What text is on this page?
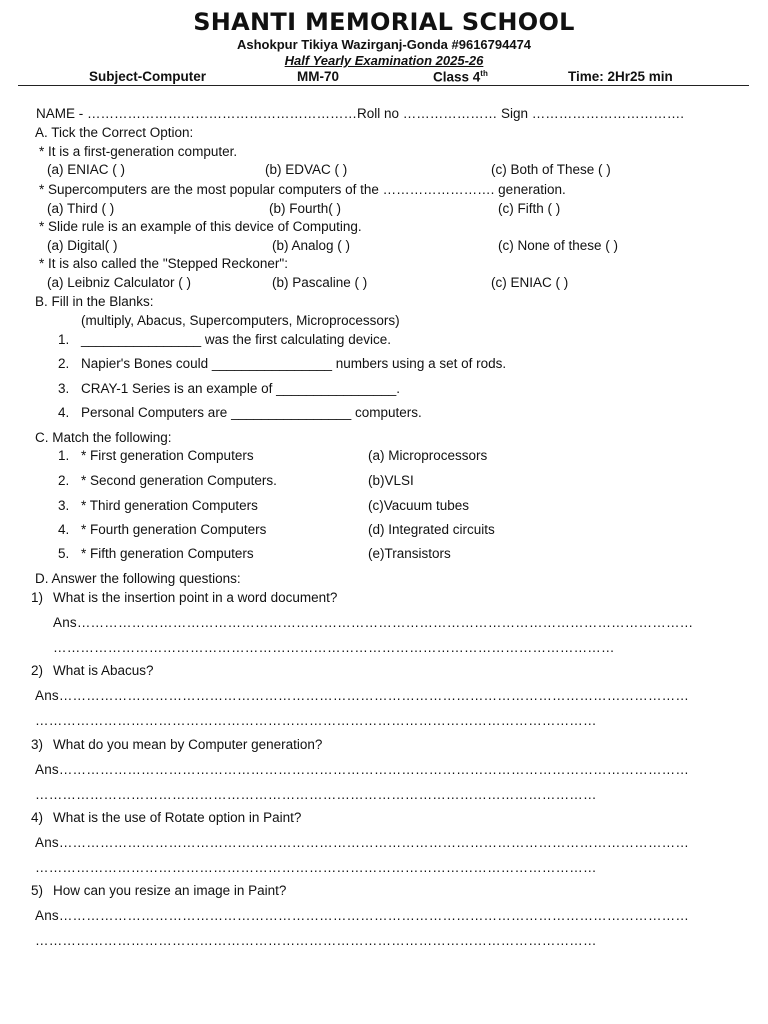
SHANTI MEMORIAL SCHOOL
Ashokpur Tikiya Wazirganj-Gonda #9616794474
Half Yearly Examination 2025-26
Subject-Computer	MM-70	Class 4th	Time: 2Hr25 min
NAME - ……………………………………………………Roll no ………………… Sign …………………………….
A. Tick the Correct Option:
* It is a first-generation computer.
(a) ENIAC ( )	(b) EDVAC ( )	(c) Both of These ( )
* Supercomputers are the most popular computers of the ……………………. generation.
(a) Third ( )	(b) Fourth( )	(c) Fifth ( )
* Slide rule is an example of this device of Computing.
(a) Digital( )	(b) Analog ( )	(c) None of these ( )
* It is also called the "Stepped Reckoner":
(a) Leibniz Calculator ( )	(b) Pascaline ( )	(c) ENIAC ( )
B. Fill in the Blanks:
(multiply, Abacus, Supercomputers, Microprocessors)
1. ________________ was the first calculating device.
2. Napier's Bones could ________________ numbers using a set of rods.
3. CRAY-1 Series is an example of ________________.
4. Personal Computers are ________________ computers.
C. Match the following:
1. * First generation Computers	(a) Microprocessors
2. * Second generation Computers.	(b)VLSI
3. * Third generation Computers	(c)Vacuum tubes
4. * Fourth generation Computers	(d) Integrated circuits
5. * Fifth generation Computers	(e)Transistors
D. Answer the following questions:
1) What is the insertion point in a word document?
Ans………………………………………………………………………………………………………………………
……………………………………………………………………………………………………………
2) What is Abacus?
Ans…………………………………………………………………………………………………………………………
……………………………………………………………………………………………………………
3) What do you mean by Computer generation?
Ans…………………………………………………………………………………………………………………………
……………………………………………………………………………………………………………
4) What is the use of Rotate option in Paint?
Ans…………………………………………………………………………………………………………………………
……………………………………………………………………………………………………………
5) How can you resize an image in Paint?
Ans…………………………………………………………………………………………………………………………
……………………………………………………………………………………………………………
